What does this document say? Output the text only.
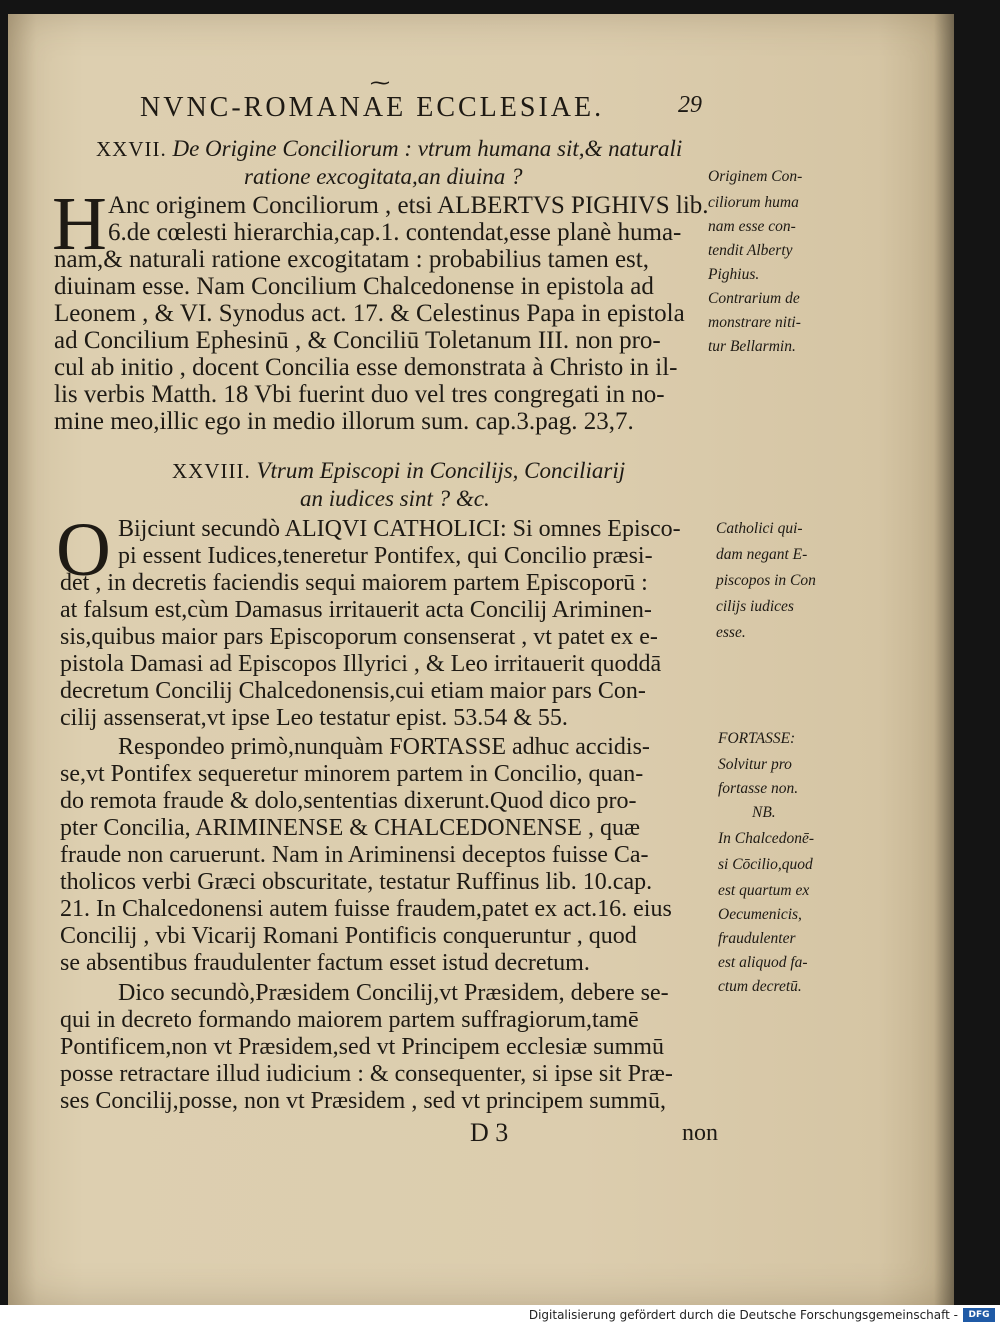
⁓
NVNC-ROMANAE ECCLESIAE.	29
XXVII. De Origine Conciliorum : vtrum humana sit,& naturali
ratione excogitata,an diuina ?
H Anc originem Conciliorum , etsi ALBERTVS PIGHIVS lib.
6.de cœlesti hierarchia,cap.1. contendat,esse planè huma-
nam,& naturali ratione excogitatam : probabilius tamen est,
diuinam esse. Nam Concilium Chalcedonense in epistola ad
Leonem , & VI. Synodus act. 17. & Celestinus Papa in epistola
ad Concilium Ephesinū , & Conciliū Toletanum III. non pro-
cul ab initio , docent Concilia esse demonstrata à Christo in il-
lis verbis Matth. 18 Vbi fuerint duo vel tres congregati in no-
mine meo,illic ego in medio illorum sum. cap.3.pag. 23,7.
Originem Con-
ciliorum huma
nam esse con-
tendit Alberty
Pighius.
Contrarium de
monstrare niti-
tur Bellarmin.
XXVIII. Vtrum Episcopi in Concilijs, Conciliarij
an iudices sint ? &c.
O Bijciunt secundò ALIQVI CATHOLICI: Si omnes Episco-
pi essent Iudices,teneretur Pontifex, qui Concilio præsi-
det , in decretis faciendis sequi maiorem partem Episcoporū :
at falsum est,cùm Damasus irritauerit acta Concilij Ariminen-
sis,quibus maior pars Episcoporum consenserat , vt patet ex e-
pistola Damasi ad Episcopos Illyrici , & Leo irritauerit quoddā
decretum Concilij Chalcedonensis,cui etiam maior pars Con-
cilij assenserat,vt ipse Leo testatur epist. 53.54 & 55.
Respondeo primò,nunquàm FORTASSE adhuc accidis-
se,vt Pontifex sequeretur minorem partem in Concilio, quan-
do remota fraude & dolo,sententias dixerunt.Quod dico pro-
pter Concilia, ARIMINENSE & CHALCEDONENSE , quæ
fraude non caruerunt. Nam in Ariminensi deceptos fuisse Ca-
tholicos verbi Græci obscuritate, testatur Ruffinus lib. 10.cap.
21. In Chalcedonensi autem fuisse fraudem,patet ex act.16. eius
Concilij , vbi Vicarij Romani Pontificis conqueruntur , quod
se absentibus fraudulenter factum esset istud decretum.
Dico secundò,Præsidem Concilij,vt Præsidem, debere se-
qui in decreto formando maiorem partem suffragiorum,tamē
Pontificem,non vt Præsidem,sed vt Principem ecclesiæ summū
posse retractare illud iudicium : & consequenter, si ipse sit Præ-
ses Concilij,posse, non vt Præsidem , sed vt principem summū,
Catholici qui-
dam negant E-
piscopos in Con
cilijs iudices
esse.
FORTASSE:
Solvitur pro
fortasse non.
NB.
In Chalcedonē-
si Cōcilio,quod
est quartum ex
Oecumenicis,
fraudulenter
est aliquod fa-
ctum decretū.
D 3	non
Digitalisierung gefördert durch die Deutsche Forschungsgemeinschaft -	DFG
